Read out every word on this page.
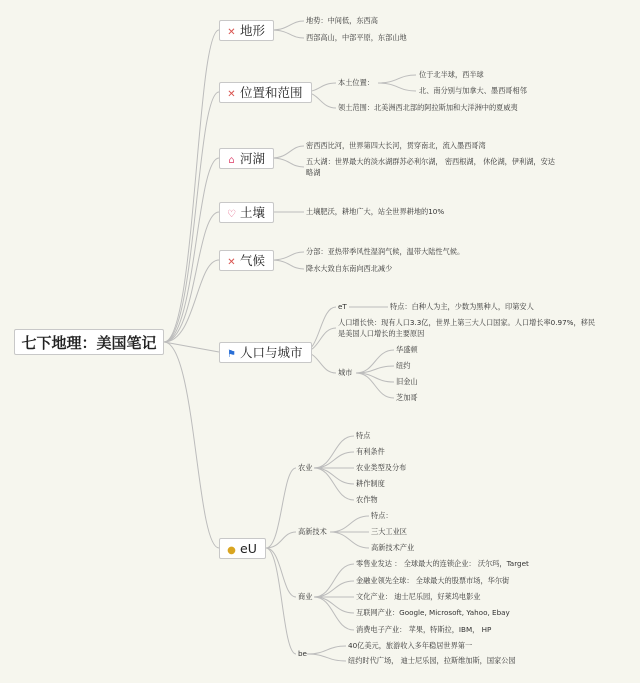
七下地理：美国笔记
✕ 地形
✕ 位置和范围
⌂ 河湖
♡ 土壤
✕ 气候
⚑ 人口与城市
● eU
地势：中间低，东西高
西部高山，中部平原，东部山地
本土位置：
位于北半球，西半球
北、南分别与加拿大、墨西哥相邻
领土范围：北美洲西北部的阿拉斯加和大洋洲中的夏威夷
密西西比河，世界第四大长河，贯穿南北，流入墨西哥湾
五大湖：世界最大的淡水湖群苏必利尔湖， 密西根湖， 休伦湖，伊利湖，安达
略湖
土壤肥沃，耕地广大，站全世界耕地的10%
分部：亚热带季风性湿润气候，温带大陆性气候。
降水大致自东南向西北减少
eT	特点：白种人为主，少数为黑种人，印第安人
人口增长快：现有人口3.3亿，世界上第三大人口国家。人口增长率0.97%，移民
是美国人口增长的主要原因
城市
华盛顿
纽约
旧金山
芝加哥
农业
特点
有利条件
农业类型及分布
耕作制度
农作物
高新技术
特点：
三大工业区
高新技术产业
商业
零售业发达 ： 全球最大的连锁企业： 沃尔玛，Target
金融业领先全球： 全球最大的股票市场，华尔街
文化产业： 迪士尼乐园，好莱坞电影业
互联网产业：Google, Microsoft, Yahoo, Ebay
消费电子产业： 苹果，特斯拉，IBM， HP
be
40亿美元，旅游收入多年稳居世界第一
纽约时代广场， 迪士尼乐园，拉斯维加斯，国家公园
